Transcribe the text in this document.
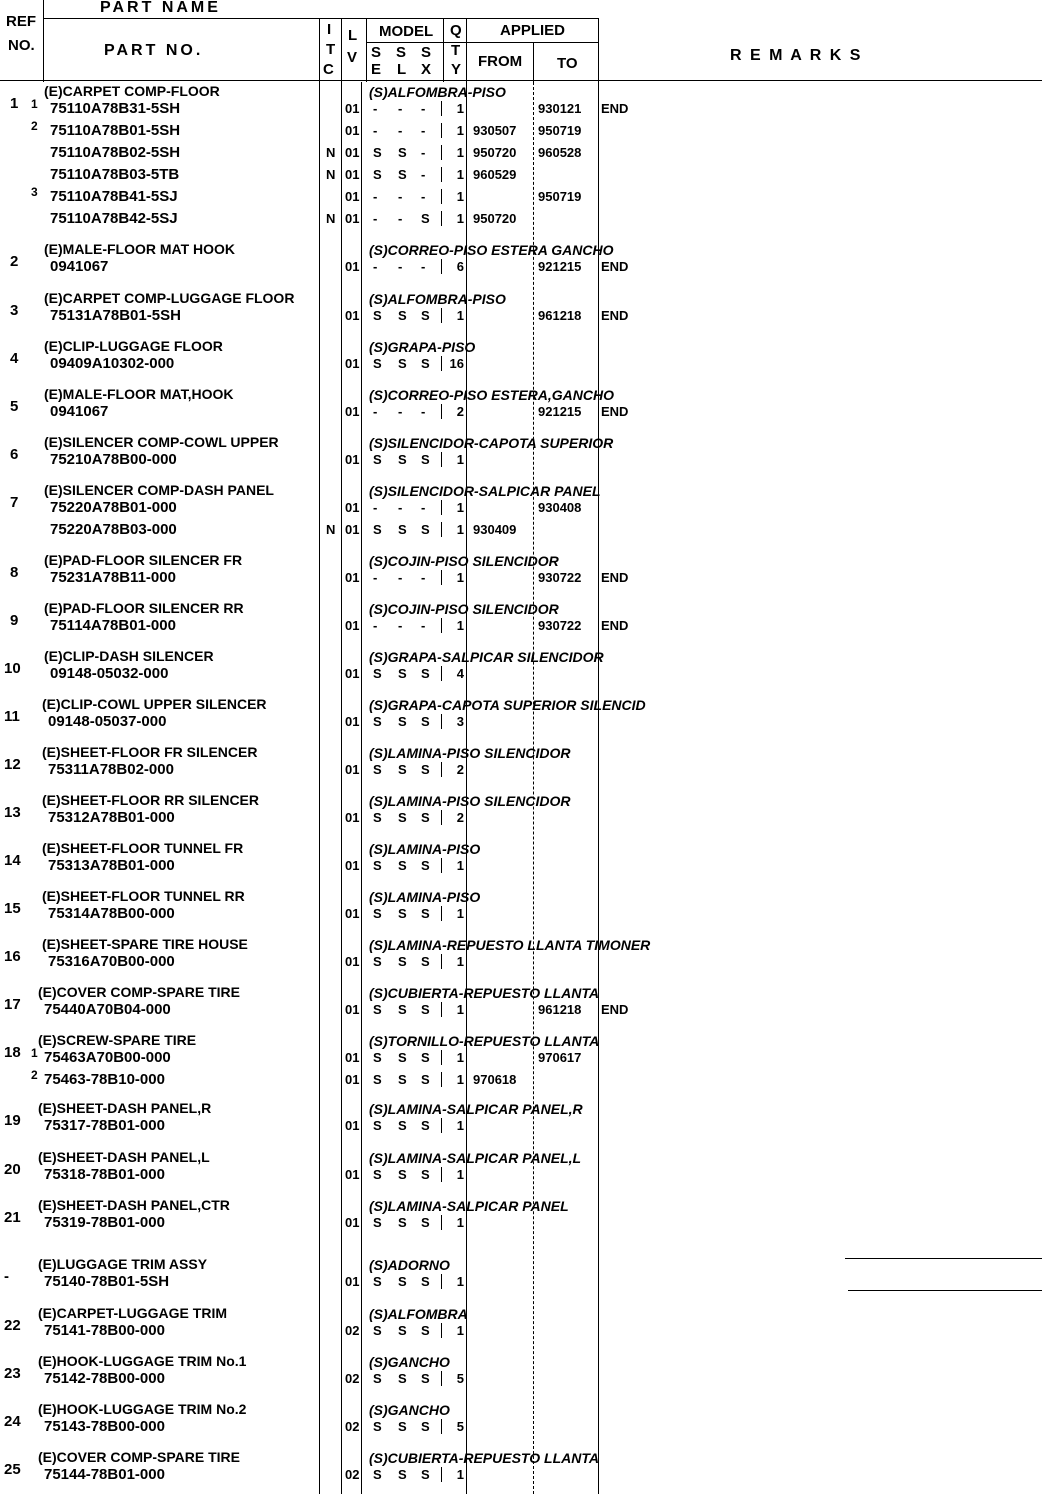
PART NAME
REF
NO.	PART NO.
I
T
C
L
V
MODEL
S
E
S
L
S
X
Q
T
Y
APPLIED
FROM TO	R E M A R K S
1
(E)CARPET COMP-FLOOR	(S)ALFOMBRA-PISO
1 75110A78B31-5SH	01 - - -	1	930121 END
2 75110A78B01-5SH	01 - - -	1 930507 950719
75110A78B02-5SH	N 01 S S -	1 950720 960528
75110A78B03-5TB	N 01 S S -	1 960529
3 75110A78B41-5SJ	01 - - -	1	950719
75110A78B42-5SJ	N 01 - - S	1 950720
2
(E)MALE-FLOOR MAT HOOK	(S)CORREO-PISO ESTERA GANCHO
0941067	01 - - -	6	921215 END
3
(E)CARPET COMP-LUGGAGE FLOOR	(S)ALFOMBRA-PISO
75131A78B01-5SH	01 S S S	1	961218 END
4
(E)CLIP-LUGGAGE FLOOR	(S)GRAPA-PISO
09409A10302-000	01 S S S 16
5
(E)MALE-FLOOR MAT,HOOK	(S)CORREO-PISO ESTERA,GANCHO
0941067	01 - - -	2	921215 END
6
(E)SILENCER COMP-COWL UPPER	(S)SILENCIDOR-CAPOTA SUPERIOR
75210A78B00-000	01 S S S	1
7
(E)SILENCER COMP-DASH PANEL	(S)SILENCIDOR-SALPICAR PANEL
75220A78B01-000	01 - - -	1	930408
75220A78B03-000	N 01 S S S	1 930409
8
(E)PAD-FLOOR SILENCER FR	(S)COJIN-PISO SILENCIDOR
75231A78B11-000	01 - - -	1	930722 END
9
(E)PAD-FLOOR SILENCER RR	(S)COJIN-PISO SILENCIDOR
75114A78B01-000	01 - - -	1	930722 END
10
(E)CLIP-DASH SILENCER	(S)GRAPA-SALPICAR SILENCIDOR
09148-05032-000	01 S S S	4
11
(E)CLIP-COWL UPPER SILENCER	(S)GRAPA-CAPOTA SUPERIOR SILENCID
09148-05037-000	01 S S S	3
12
(E)SHEET-FLOOR FR SILENCER	(S)LAMINA-PISO SILENCIDOR
75311A78B02-000	01 S S S	2
13
(E)SHEET-FLOOR RR SILENCER	(S)LAMINA-PISO SILENCIDOR
75312A78B01-000	01 S S S	2
14
(E)SHEET-FLOOR TUNNEL FR	(S)LAMINA-PISO
75313A78B01-000	01 S S S	1
15
(E)SHEET-FLOOR TUNNEL RR	(S)LAMINA-PISO
75314A78B00-000	01 S S S	1
16
(E)SHEET-SPARE TIRE HOUSE	(S)LAMINA-REPUESTO LLANTA TIMONER
75316A70B00-000	01 S S S	1
17
(E)COVER COMP-SPARE TIRE	(S)CUBIERTA-REPUESTO LLANTA
75440A70B04-000	01 S S S	1	961218 END
18
(E)SCREW-SPARE TIRE	(S)TORNILLO-REPUESTO LLANTA
1 75463A70B00-000	01 S S S	1	970617
2 75463-78B10-000	01 S S S	1 970618
19
(E)SHEET-DASH PANEL,R	(S)LAMINA-SALPICAR PANEL,R
75317-78B01-000	01 S S S	1
20
(E)SHEET-DASH PANEL,L	(S)LAMINA-SALPICAR PANEL,L
75318-78B01-000	01 S S S	1
21
(E)SHEET-DASH PANEL,CTR	(S)LAMINA-SALPICAR PANEL
75319-78B01-000	01 S S S	1
-
(E)LUGGAGE TRIM ASSY	(S)ADORNO
75140-78B01-5SH	01 S S S	1
22
(E)CARPET-LUGGAGE TRIM	(S)ALFOMBRA
75141-78B00-000	02 S S S	1
23
(E)HOOK-LUGGAGE TRIM No.1	(S)GANCHO
75142-78B00-000	02 S S S	5
24
(E)HOOK-LUGGAGE TRIM No.2	(S)GANCHO
75143-78B00-000	02 S S S	5
25
(E)COVER COMP-SPARE TIRE	(S)CUBIERTA-REPUESTO LLANTA
75144-78B01-000	02 S S S	1
